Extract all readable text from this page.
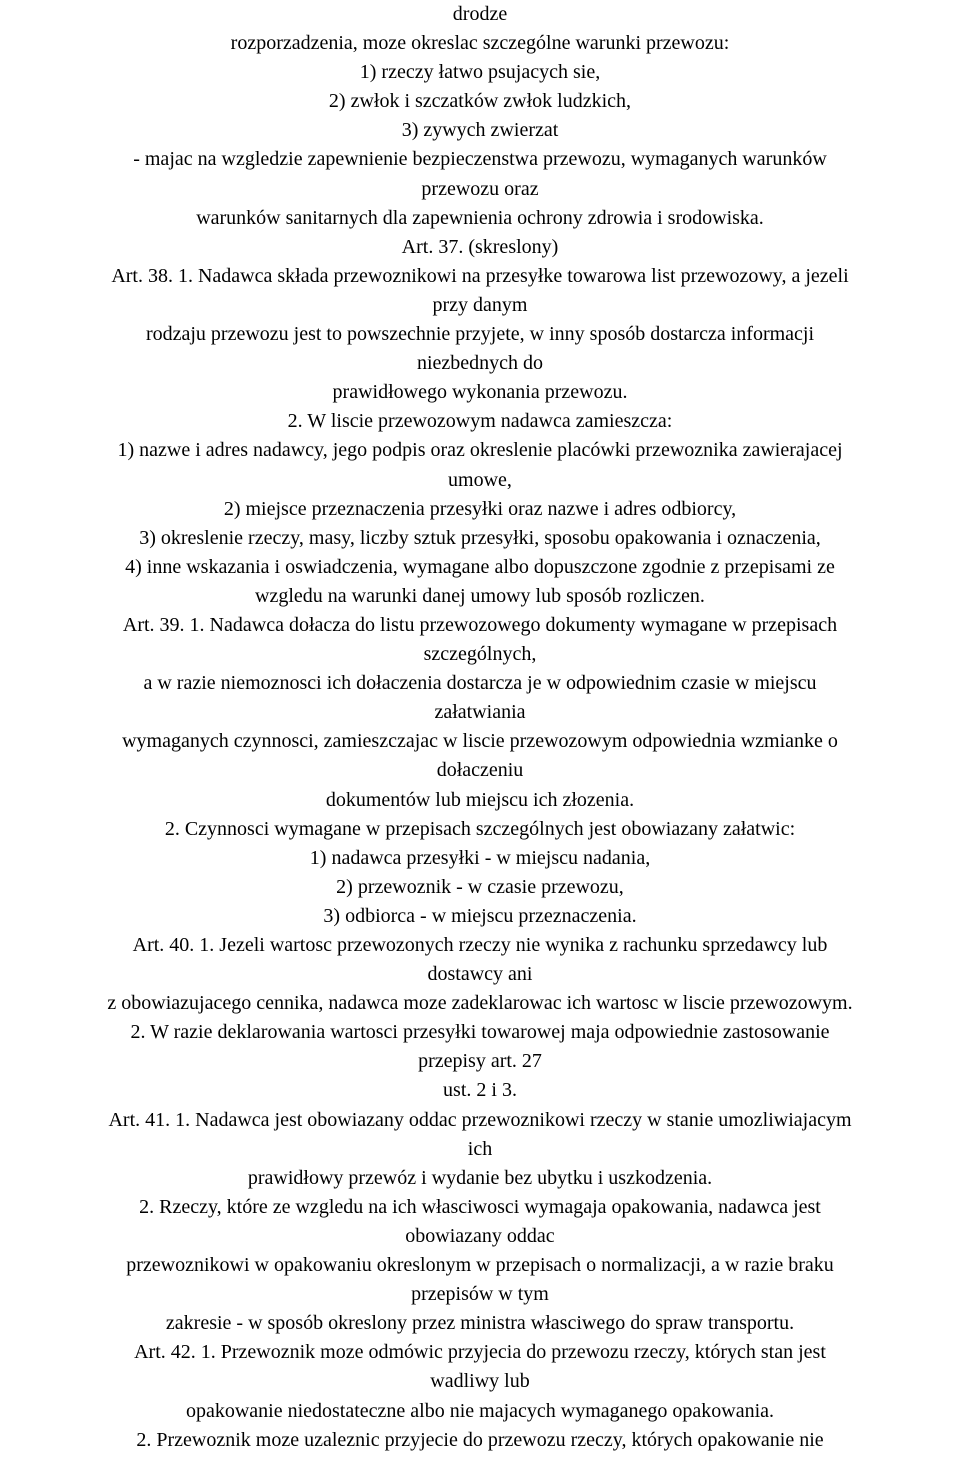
drodze
rozporzadzenia, moze okreslac szczególne warunki przewozu:
1) rzeczy łatwo psujacych sie,
2) zwłok i szczatków zwłok ludzkich,
3) zywych zwierzat
- majac na wzgledzie zapewnienie bezpieczenstwa przewozu, wymaganych warunków
przewozu oraz
warunków sanitarnych dla zapewnienia ochrony zdrowia i srodowiska.
Art. 37. (skreslony)
Art. 38. 1. Nadawca składa przewoznikowi na przesyłke towarowa list przewozowy, a jezeli
przy danym
rodzaju przewozu jest to powszechnie przyjete, w inny sposób dostarcza informacji
niezbednych do
prawidłowego wykonania przewozu.
2. W liscie przewozowym nadawca zamieszcza:
1) nazwe i adres nadawcy, jego podpis oraz okreslenie placówki przewoznika zawierajacej
umowe,
2) miejsce przeznaczenia przesyłki oraz nazwe i adres odbiorcy,
3) okreslenie rzeczy, masy, liczby sztuk przesyłki, sposobu opakowania i oznaczenia,
4) inne wskazania i oswiadczenia, wymagane albo dopuszczone zgodnie z przepisami ze
wzgledu na warunki danej umowy lub sposób rozliczen.
Art. 39. 1. Nadawca dołacza do listu przewozowego dokumenty wymagane w przepisach
szczególnych,
a w razie niemoznosci ich dołaczenia dostarcza je w odpowiednim czasie w miejscu
załatwiania
wymaganych czynnosci, zamieszczajac w liscie przewozowym odpowiednia wzmianke o
dołaczeniu
dokumentów lub miejscu ich złozenia.
2. Czynnosci wymagane w przepisach szczególnych jest obowiazany załatwic:
1) nadawca przesyłki - w miejscu nadania,
2) przewoznik - w czasie przewozu,
3) odbiorca - w miejscu przeznaczenia.
Art. 40. 1. Jezeli wartosc przewozonych rzeczy nie wynika z rachunku sprzedawcy lub
dostawcy ani
z obowiazujacego cennika, nadawca moze zadeklarowac ich wartosc w liscie przewozowym.
2. W razie deklarowania wartosci przesyłki towarowej maja odpowiednie zastosowanie
przepisy art. 27
ust. 2 i 3.
Art. 41. 1. Nadawca jest obowiazany oddac przewoznikowi rzeczy w stanie umozliwiajacym
ich
prawidłowy przewóz i wydanie bez ubytku i uszkodzenia.
2. Rzeczy, które ze wzgledu na ich własciwosci wymagaja opakowania, nadawca jest
obowiazany oddac
przewoznikowi w opakowaniu okreslonym w przepisach o normalizacji, a w razie braku
przepisów w tym
zakresie - w sposób okreslony przez ministra własciwego do spraw transportu.
Art. 42. 1. Przewoznik moze odmówic przyjecia do przewozu rzeczy, których stan jest
wadliwy lub
opakowanie niedostateczne albo nie majacych wymaganego opakowania.
2. Przewoznik moze uzaleznic przyjecie do przewozu rzeczy, których opakowanie nie
